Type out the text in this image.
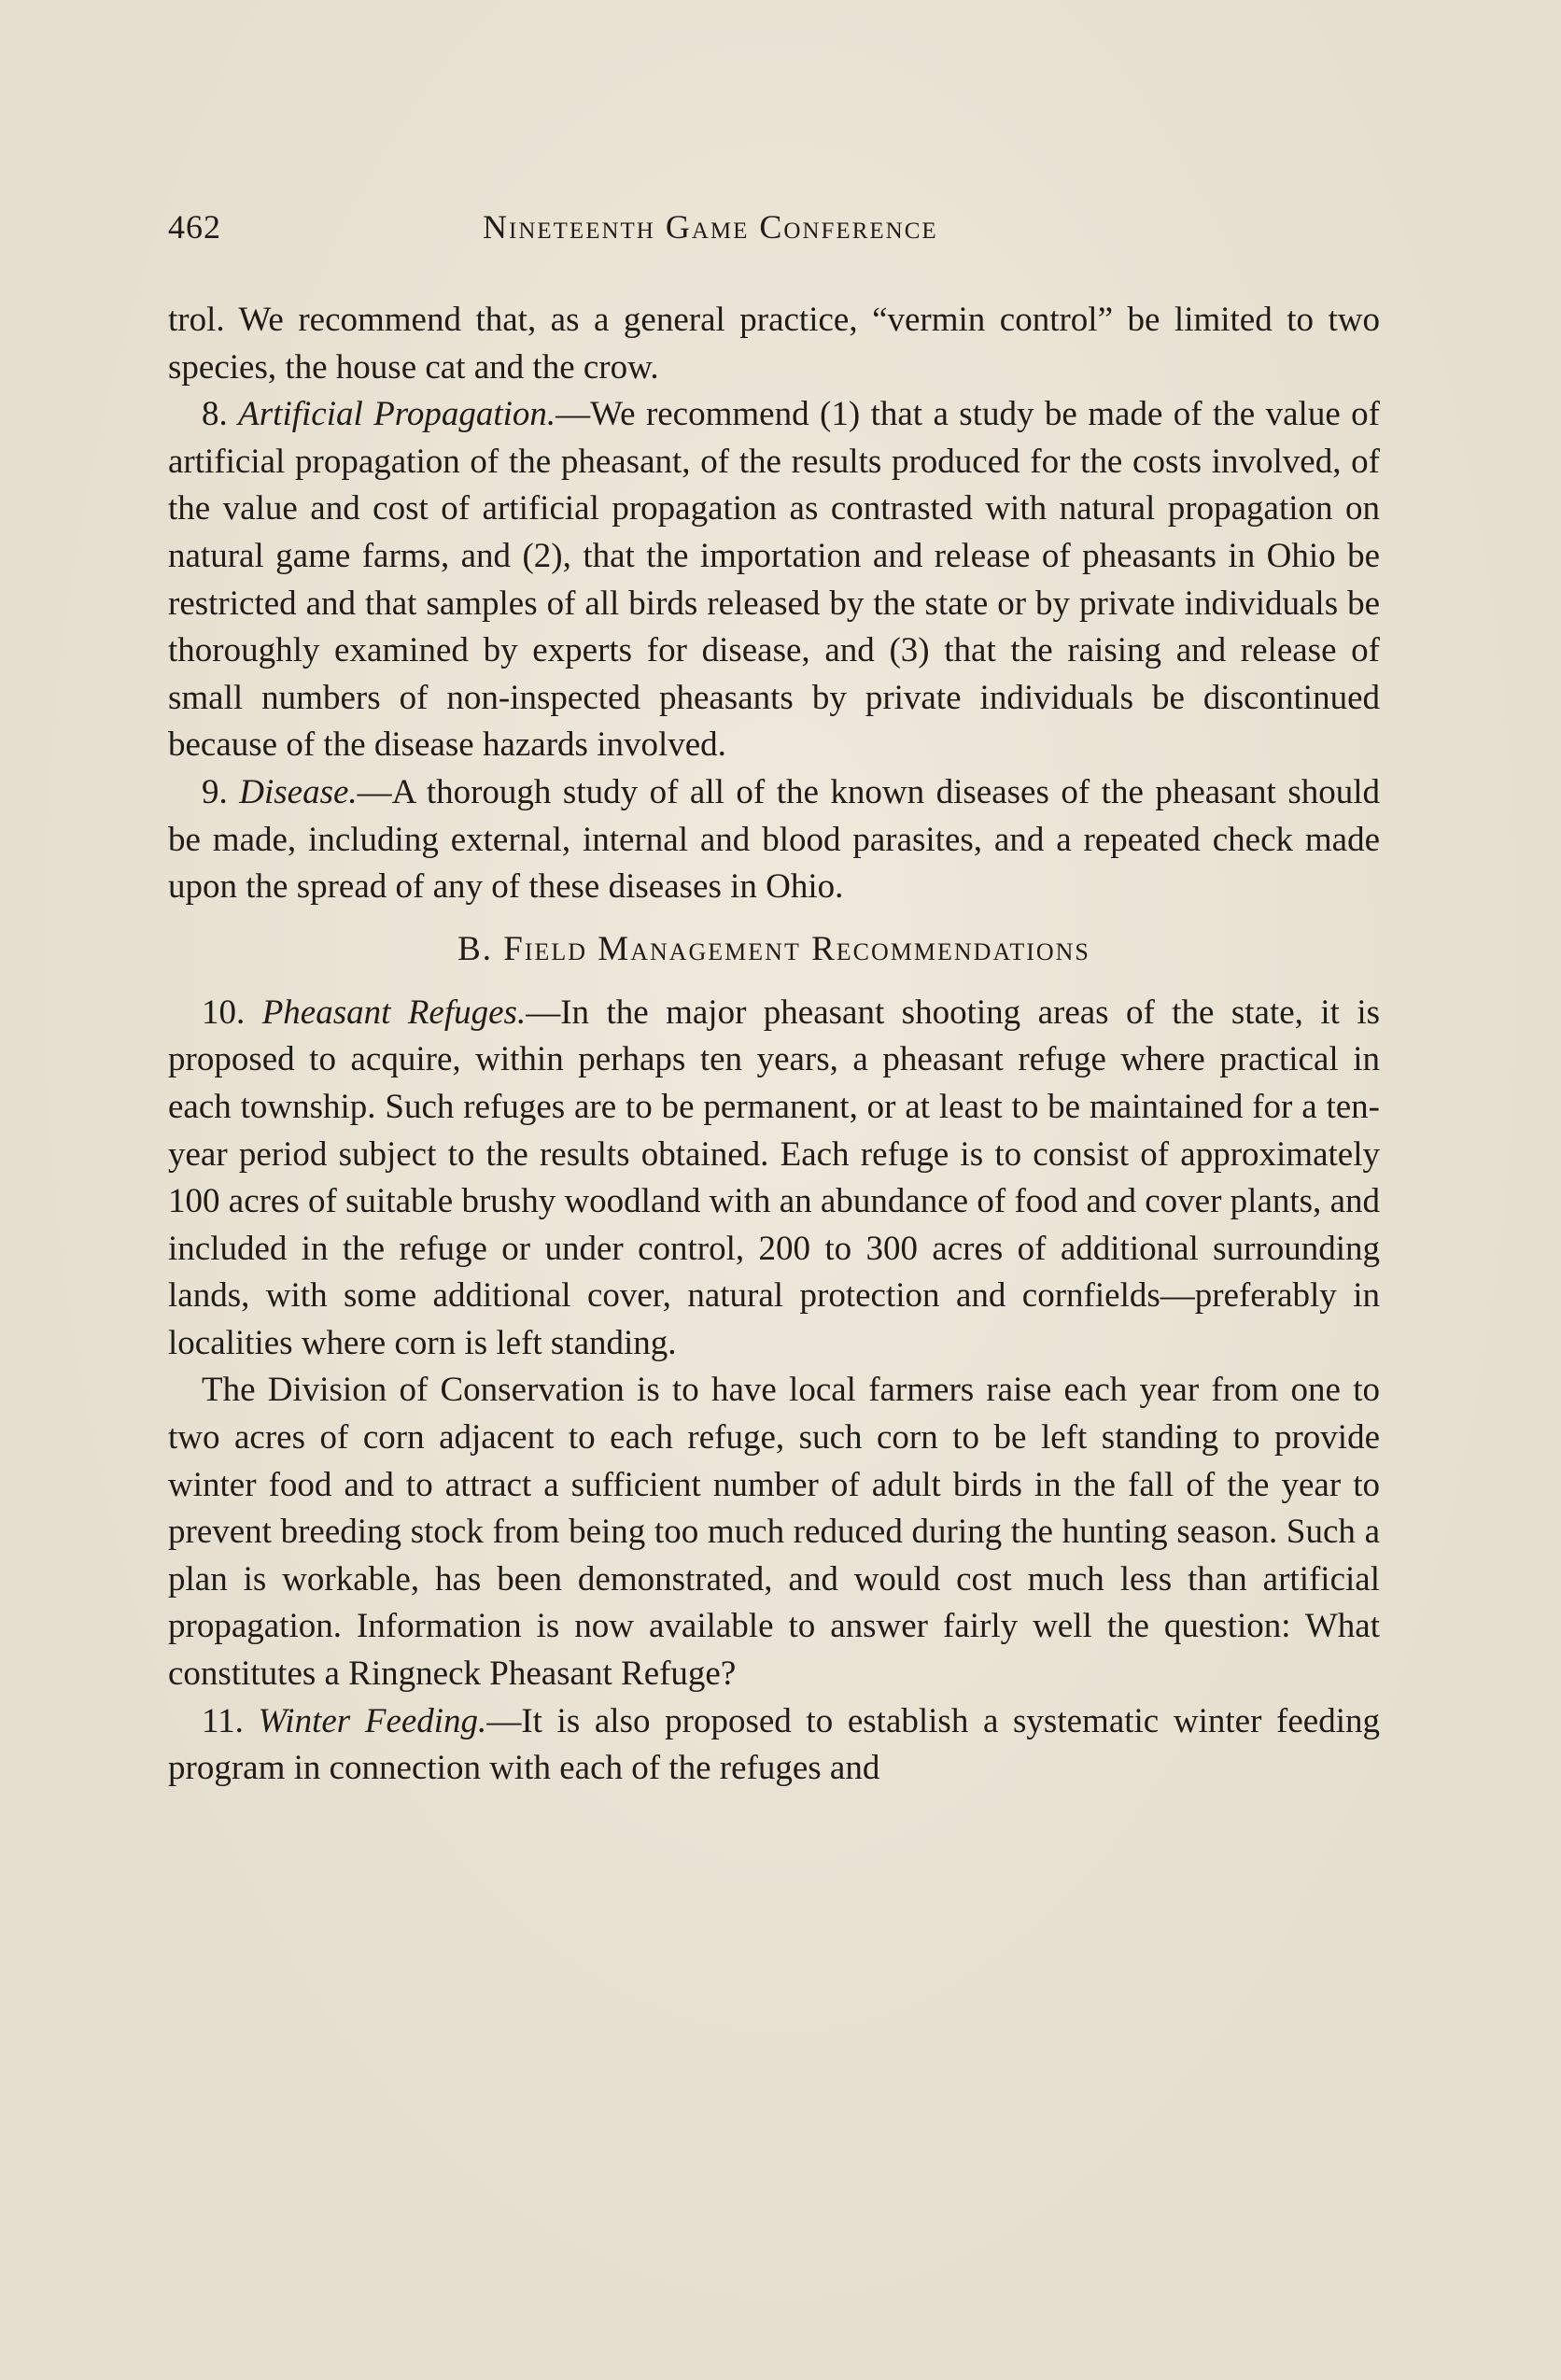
462	Nineteenth Game Conference

trol. We recommend that, as a general practice, “vermin control” be limited to two species, the house cat and the crow.

8. Artificial Propagation.—We recommend (1) that a study be made of the value of artificial propagation of the pheasant, of the results produced for the costs involved, of the value and cost of artificial propagation as contrasted with natural propagation on natural game farms, and (2), that the importation and release of pheasants in Ohio be restricted and that samples of all birds released by the state or by private individuals be thoroughly examined by experts for disease, and (3) that the raising and release of small numbers of non-inspected pheasants by private individuals be discontinued because of the disease hazards involved.

9. Disease.—A thorough study of all of the known diseases of the pheasant should be made, including external, internal and blood parasites, and a repeated check made upon the spread of any of these diseases in Ohio.

B. Field Management Recommendations

10. Pheasant Refuges.—In the major pheasant shooting areas of the state, it is proposed to acquire, within perhaps ten years, a pheasant refuge where practical in each township. Such refuges are to be permanent, or at least to be maintained for a ten-year period subject to the results obtained. Each refuge is to consist of approximately 100 acres of suitable brushy woodland with an abundance of food and cover plants, and included in the refuge or under control, 200 to 300 acres of additional surrounding lands, with some additional cover, natural protection and cornfields—preferably in localities where corn is left standing.

The Division of Conservation is to have local farmers raise each year from one to two acres of corn adjacent to each refuge, such corn to be left standing to provide winter food and to attract a sufficient number of adult birds in the fall of the year to prevent breeding stock from being too much reduced during the hunting season. Such a plan is workable, has been demonstrated, and would cost much less than artificial propagation. Information is now available to answer fairly well the question: What constitutes a Ringneck Pheasant Refuge?

11. Winter Feeding.—It is also proposed to establish a systematic winter feeding program in connection with each of the refuges and
